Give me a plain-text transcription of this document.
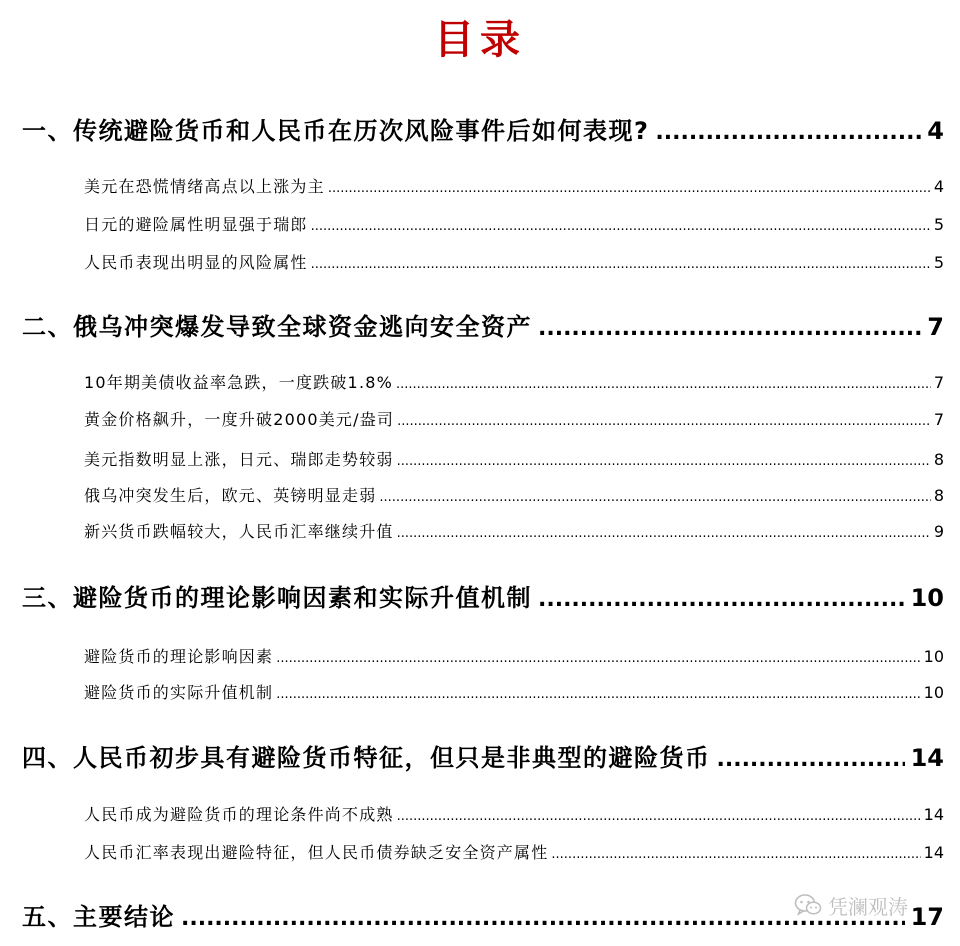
目录
一、传统避险货币和人民币在历次风险事件后如何表现? .....	4
美元在恐慌情绪高点以上涨为主 .....	4
日元的避险属性明显强于瑞郎 .....	5
人民币表现出明显的风险属性 .....	5
二、俄乌冲突爆发导致全球资金逃向安全资产 .....	7
10年期美债收益率急跌，一度跌破1.8% .....	7
黄金价格飙升，一度升破2000美元/盎司 .....	7
美元指数明显上涨，日元、瑞郎走势较弱 .....	8
俄乌冲突发生后，欧元、英镑明显走弱 .....	8
新兴货币跌幅较大，人民币汇率继续升值 .....	9
三、避险货币的理论影响因素和实际升值机制 .....	10
避险货币的理论影响因素 .....	10
避险货币的实际升值机制 .....	10
四、人民币初步具有避险货币特征，但只是非典型的避险货币 .....	14
人民币成为避险货币的理论条件尚不成熟 .....	14
人民币汇率表现出避险特征，但人民币债券缺乏安全资产属性 .....	14
五、主要结论 .....	17
凭澜观涛
